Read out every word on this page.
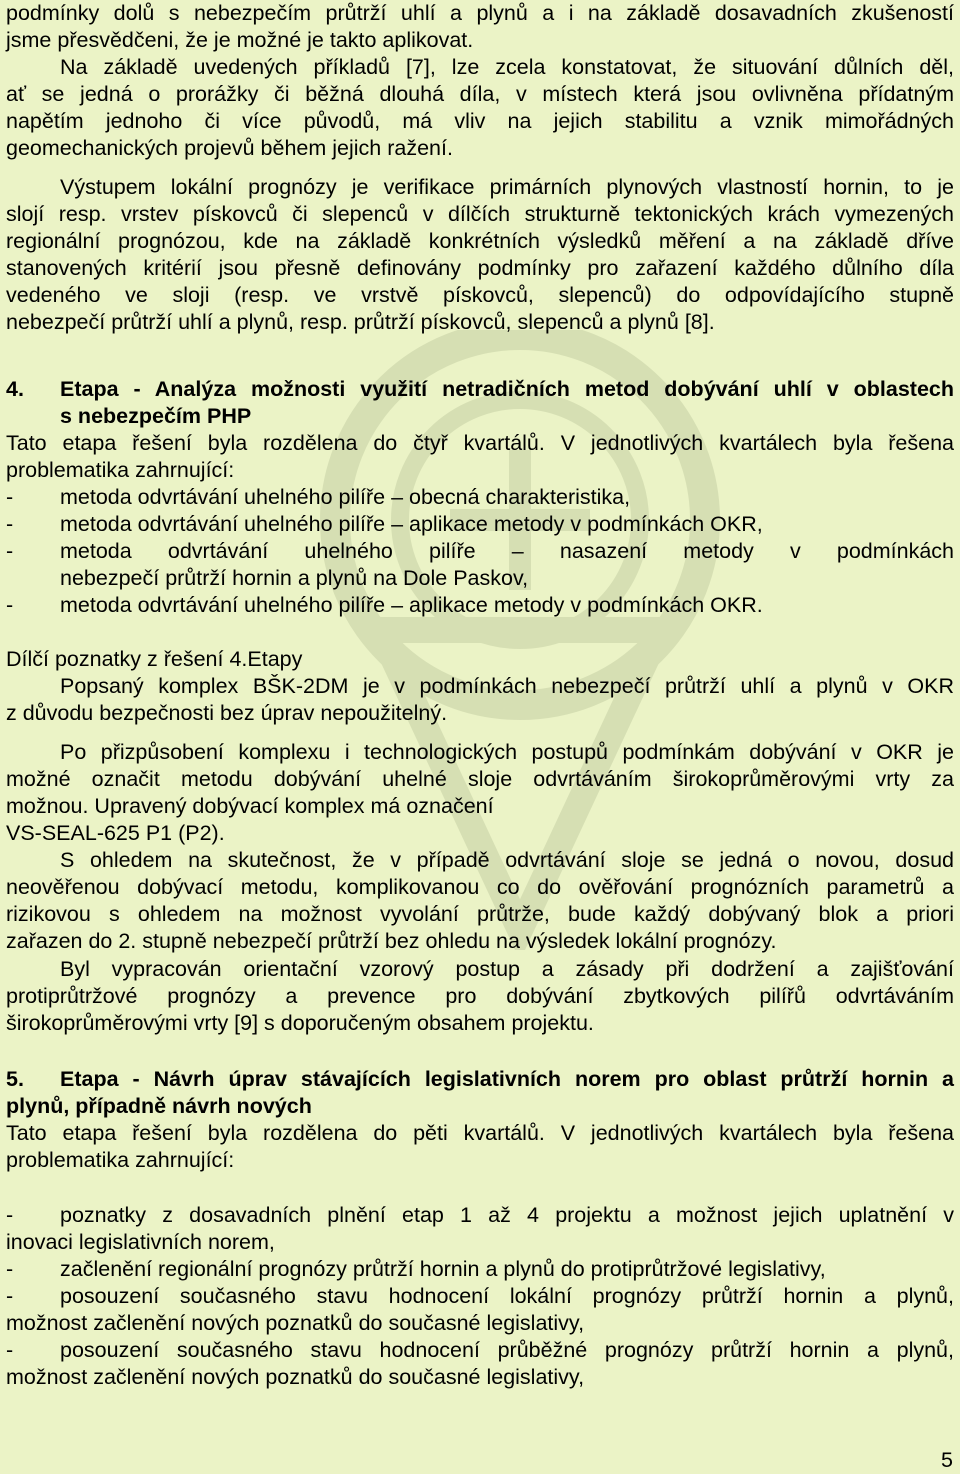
podmínky dolů s nebezpečím průtrží uhlí a plynů a i na základě dosavadních zkušeností
jsme přesvědčeni, že je možné je takto aplikovat.
Na základě uvedených příkladů [7], lze zcela konstatovat, že situování důlních děl,
ať se jedná o prorážky či běžná dlouhá díla, v místech která jsou ovlivněna přídatným
napětím jednoho či více původů, má vliv na jejich stabilitu a vznik mimořádných
geomechanických projevů během jejich ražení.
Výstupem lokální prognózy je verifikace primárních plynových vlastností hornin, to je
slojí resp. vrstev pískovců či slepenců v dílčích strukturně tektonických krách vymezených
regionální prognózou, kde na základě konkrétních výsledků měření a na základě dříve
stanovených kritérií jsou přesně definovány podmínky pro zařazení každého důlního díla
vedeného ve sloji (resp. ve vrstvě pískovců, slepenců) do odpovídajícího stupně
nebezpečí průtrží uhlí a plynů, resp. průtrží pískovců, slepenců a plynů [8].
4. Etapa - Analýza možnosti využití netradičních metod dobývání uhlí v oblastech
s nebezpečím PHP
Tato etapa řešení byla rozdělena do čtyř kvartálů. V jednotlivých kvartálech byla řešena
problematika zahrnující:
- metoda odvrtávání uhelného pilíře – obecná charakteristika,
- metoda odvrtávání uhelného pilíře – aplikace metody v podmínkách OKR,
- metoda odvrtávání uhelného pilíře – nasazení metody v podmínkách
nebezpečí průtrží hornin a plynů na Dole Paskov,
- metoda odvrtávání uhelného pilíře – aplikace metody v podmínkách OKR.
Dílčí poznatky z řešení 4.Etapy
Popsaný komplex BŠK-2DM je v podmínkách nebezpečí průtrží uhlí a plynů v OKR
z důvodu bezpečnosti bez úprav nepoužitelný.
Po přizpůsobení komplexu i technologických postupů podmínkám dobývání v OKR je
možné označit metodu dobývání uhelné sloje odvrtáváním širokoprůměrovými vrty za
možnou. Upravený dobývací komplex má označení
VS-SEAL-625 P1 (P2).
S ohledem na skutečnost, že v případě odvrtávání sloje se jedná o novou, dosud
neověřenou dobývací metodu, komplikovanou co do ověřování prognózních parametrů a
rizikovou s ohledem na možnost vyvolání průtrže, bude každý dobývaný blok a priori
zařazen do 2. stupně nebezpečí průtrží bez ohledu na výsledek lokální prognózy.
Byl vypracován orientační vzorový postup a zásady při dodržení a zajišťování
protiprůtržové prognózy a prevence pro dobývání zbytkových pilířů odvrtáváním
širokoprůměrovými vrty [9] s doporučeným obsahem projektu.
5. Etapa - Návrh úprav stávajících legislativních norem pro oblast průtrží hornin a
plynů, případně návrh nových
Tato etapa řešení byla rozdělena do pěti kvartálů. V jednotlivých kvartálech byla řešena
problematika zahrnující:
- poznatky z dosavadních plnění etap 1 až 4 projektu a možnost jejich uplatnění v
inovaci legislativních norem,
- začlenění regionální prognózy průtrží hornin a plynů do protiprůtržové legislativy,
- posouzení současného stavu hodnocení lokální prognózy průtrží hornin a plynů,
možnost začlenění nových poznatků do současné legislativy,
- posouzení současného stavu hodnocení průběžné prognózy průtrží hornin a plynů,
možnost začlenění nových poznatků do současné legislativy,
5
